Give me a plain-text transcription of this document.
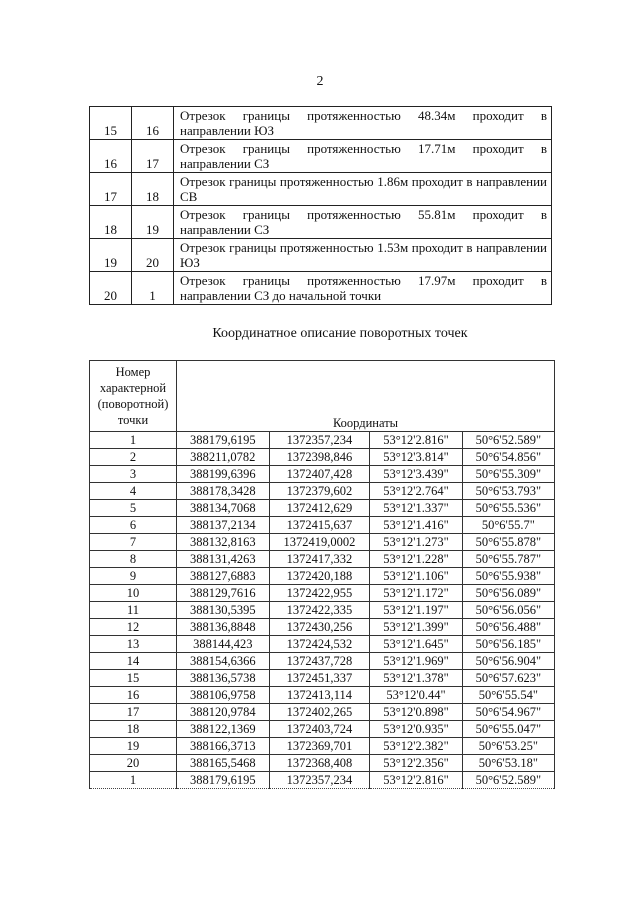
2
15	16	Отрезок границы протяженностью 48.34м проходит в направлении ЮЗ
16	17	Отрезок границы протяженностью 17.71м проходит в направлении СЗ
17	18	Отрезок границы протяженностью 1.86м проходит в направлении СВ
18	19	Отрезок границы протяженностью 55.81м проходит в направлении СЗ
19	20	Отрезок границы протяженностью 1.53м проходит в направлении ЮЗ
20	1	Отрезок границы протяженностью 17.97м проходит в направлении СЗ до начальной точки
Координатное описание поворотных точек
Номер характерной (поворотной) точки	Координаты			
1	388179,6195	1372357,234	53°12'2.816"	50°6'52.589"
2	388211,0782	1372398,846	53°12'3.814"	50°6'54.856"
3	388199,6396	1372407,428	53°12'3.439"	50°6'55.309"
4	388178,3428	1372379,602	53°12'2.764"	50°6'53.793"
5	388134,7068	1372412,629	53°12'1.337"	50°6'55.536"
6	388137,2134	1372415,637	53°12'1.416"	50°6'55.7"
7	388132,8163	1372419,0002	53°12'1.273"	50°6'55.878"
8	388131,4263	1372417,332	53°12'1.228"	50°6'55.787"
9	388127,6883	1372420,188	53°12'1.106"	50°6'55.938"
10	388129,7616	1372422,955	53°12'1.172"	50°6'56.089"
11	388130,5395	1372422,335	53°12'1.197"	50°6'56.056"
12	388136,8848	1372430,256	53°12'1.399"	50°6'56.488"
13	388144,423	1372424,532	53°12'1.645"	50°6'56.185"
14	388154,6366	1372437,728	53°12'1.969"	50°6'56.904"
15	388136,5738	1372451,337	53°12'1.378"	50°6'57.623"
16	388106,9758	1372413,114	53°12'0.44"	50°6'55.54"
17	388120,9784	1372402,265	53°12'0.898"	50°6'54.967"
18	388122,1369	1372403,724	53°12'0.935"	50°6'55.047"
19	388166,3713	1372369,701	53°12'2.382"	50°6'53.25"
20	388165,5468	1372368,408	53°12'2.356"	50°6'53.18"
1	388179,6195	1372357,234	53°12'2.816"	50°6'52.589"
